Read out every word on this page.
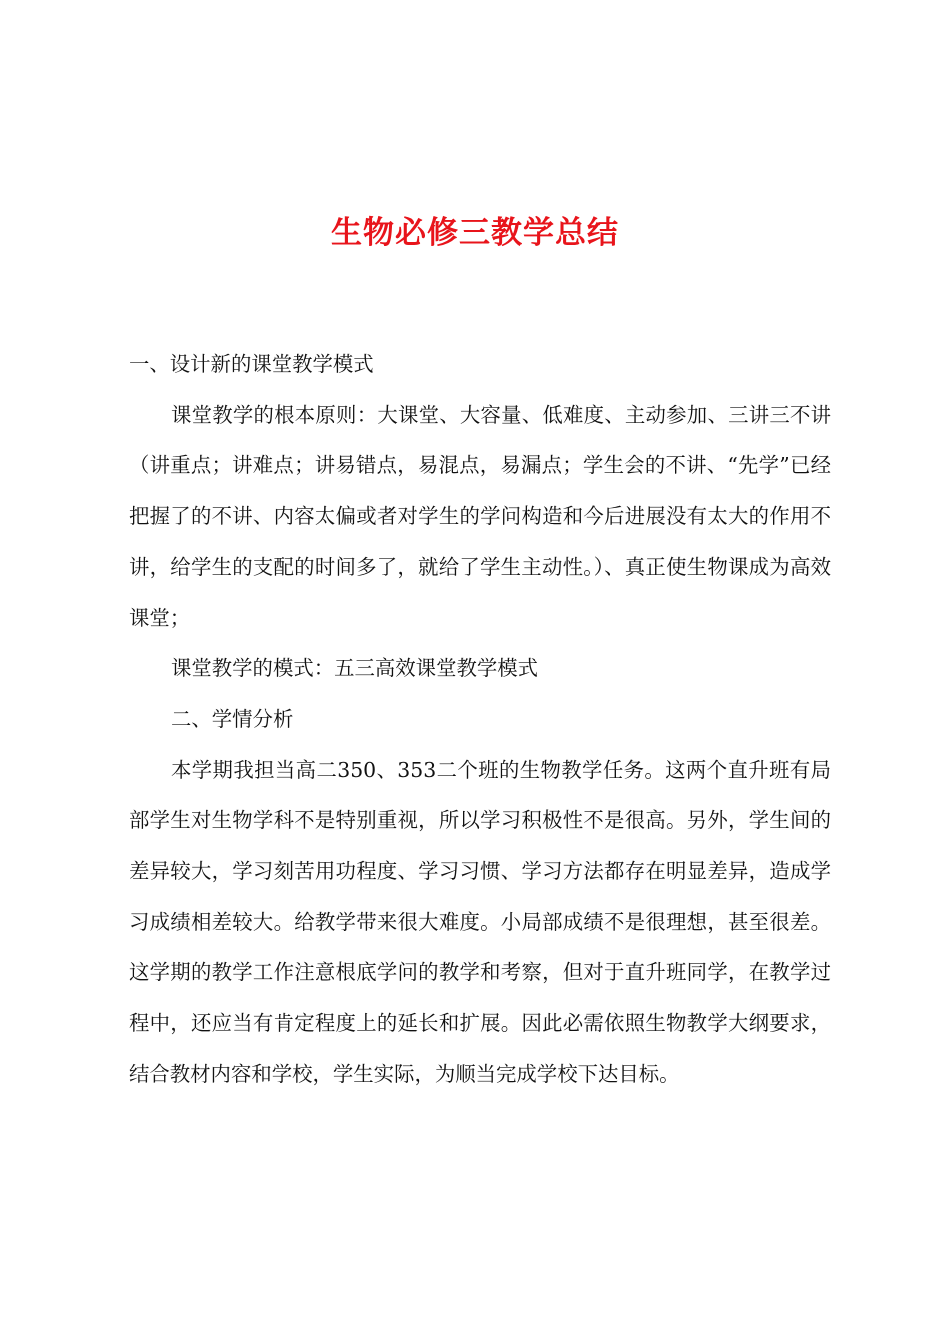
生物必修三教学总结

一、设计新的课堂教学模式

课堂教学的根本原则：大课堂、大容量、低难度、主动参加、三讲三不讲（讲重点；讲难点；讲易错点，易混点，易漏点；学生会的不讲、“先学”已经把握了的不讲、内容太偏或者对学生的学问构造和今后进展没有太大的作用不讲，给学生的支配的时间多了，就给了学生主动性。）、真正使生物课成为高效课堂；

课堂教学的模式：五三高效课堂教学模式

二、学情分析

本学期我担当高二350、353二个班的生物教学任务。这两个直升班有局部学生对生物学科不是特别重视，所以学习积极性不是很高。另外，学生间的差异较大，学习刻苦用功程度、学习习惯、学习方法都存在明显差异，造成学习成绩相差较大。给教学带来很大难度。小局部成绩不是很理想，甚至很差。这学期的教学工作注意根底学问的教学和考察，但对于直升班同学，在教学过程中，还应当有肯定程度上的延长和扩展。因此必需依照生物教学大纲要求，结合教材内容和学校，学生实际，为顺当完成学校下达目标。
